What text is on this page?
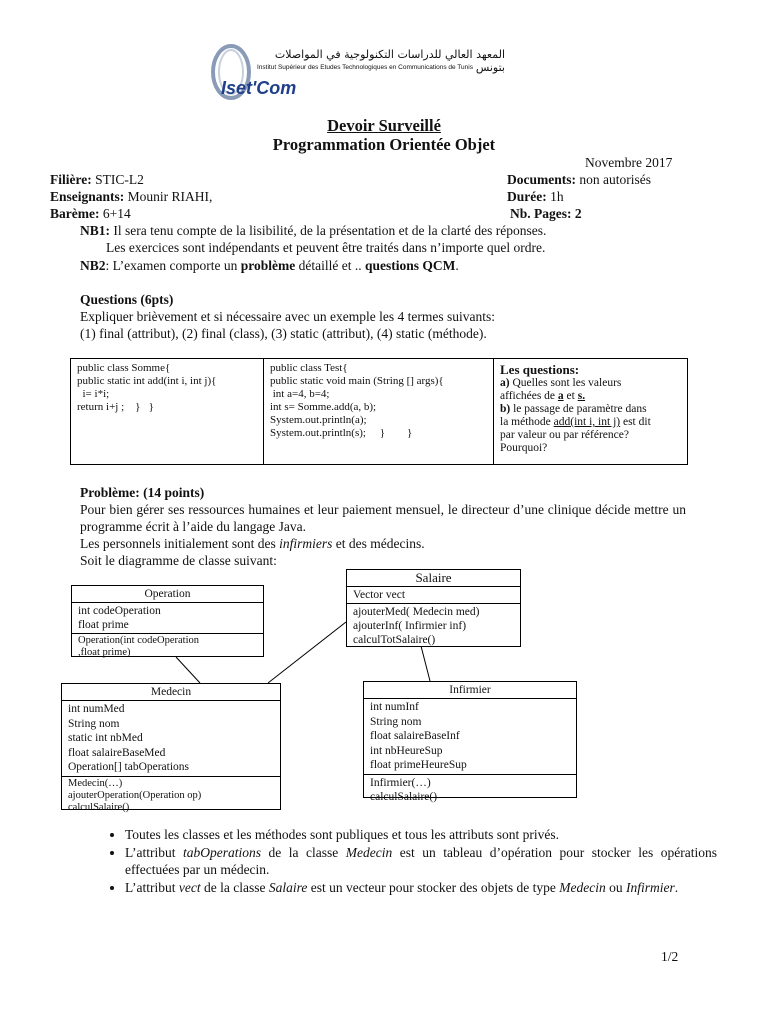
المعهد العالي للدراسات التكنولوجية في المواصلات بتونس
Institut Supérieur des Etudes Technologiques en Communications de Tunis
Iset'Com
Devoir Surveillé
Programmation Orientée Objet
Novembre 2017
Filière: STIC-L2
Enseignants: Mounir RIAHI,
Barème: 6+14
Documents: non autorisés
Durée: 1h
Nb. Pages: 2
NB1: Il sera tenu compte de la lisibilité, de la présentation et de la clarté des réponses.
Les exercices sont indépendants et peuvent être traités dans n’importe quel ordre.
NB2: L’examen comporte un problème détaillé et .. questions QCM.
Questions (6pts)
Expliquer brièvement et si nécessaire avec un exemple les 4 termes suivants:
(1) final (attribut), (2) final (class), (3) static (attribut), (4) static (méthode).
public class Somme{
public static int add(int i, int j){
i= i*i;
return i+j ;    }   }
public class Test{
public static void main (String [] args){
int a=4, b=4;
int s= Somme.add(a, b);
System.out.println(a);
System.out.println(s);     }        }
Les questions:
a) Quelles sont les valeurs
affichées de a et s.
b) le passage de paramètre dans
la méthode add(int i, int j) est dit
par valeur ou par référence?
Pourquoi?
Problème: (14 points)
Pour bien gérer ses ressources humaines et leur paiement mensuel, le directeur d’une clinique décide mettre un programme écrit à l’aide du langage Java.
Les personnels initialement sont des infirmiers et des médecins.
Soit le diagramme de classe suivant:
Operation
int codeOperation
float prime
Operation(int codeOperation
,float prime)
Salaire
Vector vect
ajouterMed( Medecin med)
ajouterInf( Infirmier inf)
calculTotSalaire()
Medecin
int numMed
String nom
static int nbMed
float salaireBaseMed
Operation[] tabOperations
Medecin(…)
ajouterOperation(Operation op)
calculSalaire()
Infirmier
int numInf
String nom
float salaireBaseInf
int nbHeureSup
float primeHeureSup
Infirmier(…)
calculSalaire()
• Toutes les classes et les méthodes sont publiques et tous les attributs sont privés.
• L’attribut tabOperations de la classe Medecin est un tableau d’opération pour stocker les opérations effectuées par un médecin.
• L’attribut vect de la classe Salaire est un vecteur pour stocker des objets de type Medecin ou Infirmier.
1/2
